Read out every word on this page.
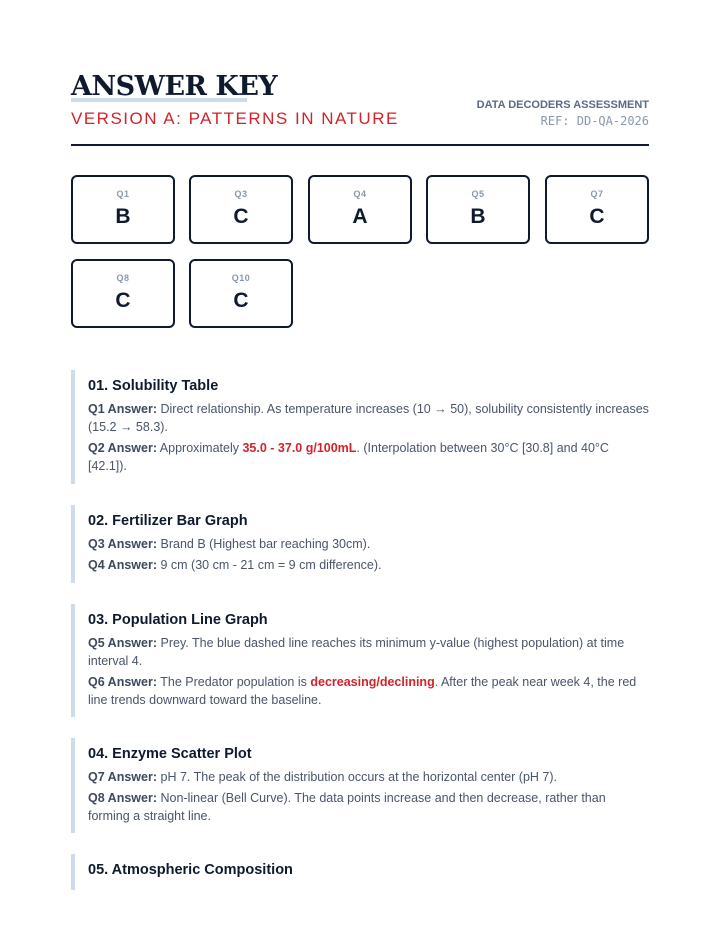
ANSWER KEY
VERSION A: PATTERNS IN NATURE
DATA DECODERS ASSESSMENT
REF: DD-QA-2026
Q1
B
Q3
C
Q4
A
Q5
B
Q7
C
Q8
C
Q10
C
01. Solubility Table

Q1 Answer: Direct relationship. As temperature increases (10 → 50), solubility consistently increases (15.2 → 58.3).

Q2 Answer: Approximately 35.0 - 37.0 g/100mL. (Interpolation between 30°C [30.8] and 40°C [42.1]).

02. Fertilizer Bar Graph

Q3 Answer: Brand B (Highest bar reaching 30cm).

Q4 Answer: 9 cm (30 cm - 21 cm = 9 cm difference).

03. Population Line Graph

Q5 Answer: Prey. The blue dashed line reaches its minimum y-value (highest population) at time interval 4.

Q6 Answer: The Predator population is decreasing/declining. After the peak near week 4, the red line trends downward toward the baseline.

04. Enzyme Scatter Plot

Q7 Answer: pH 7. The peak of the distribution occurs at the horizontal center (pH 7).

Q8 Answer: Non-linear (Bell Curve). The data points increase and then decrease, rather than forming a straight line.

05. Atmospheric Composition
